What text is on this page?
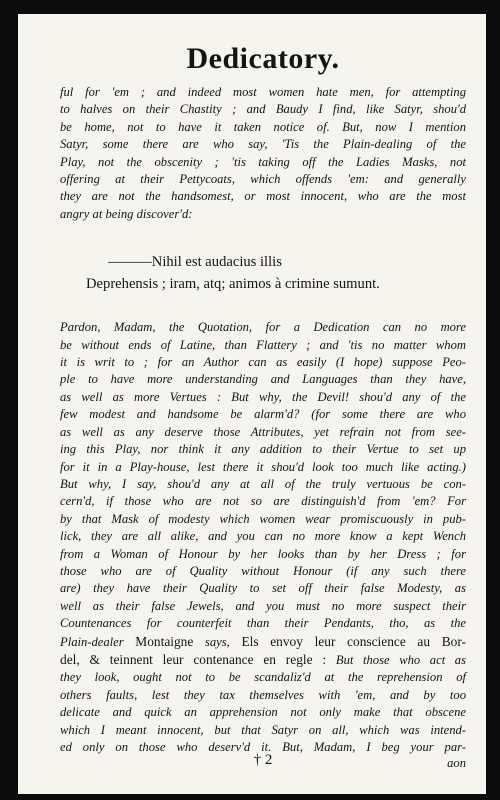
Dedicatory.

ful for 'em ; and indeed most women hate men, for attempting
to halves on their Chastity ; and Baudy I find, like Satyr, shou'd
be home, not to have it taken notice of. But, now I mention
Satyr, some there are who say, 'Tis the Plain-dealing of the
Play, not the obscenity ; 'tis taking off the Ladies Masks, not
offering at their Pettycoats, which offends 'em: and generally
they are not the handsomest, or most innocent, who are the most
angry at being discover'd:

———Nihil est audacius illis
Deprehensis ; iram, atq; animos à crimine sumunt.

Pardon, Madam, the Quotation, for a Dedication can no more
be without ends of Latine, than Flattery ; and 'tis no matter whom
it is writ to ; for an Author can as easily (I hope) suppose Peo-
ple to have more understanding and Languages than they have,
as well as more Vertues : But why, the Devil! shou'd any of the
few modest and handsome be alarm'd? (for some there are who
as well as any deserve those Attributes, yet refrain not from see-
ing this Play, nor think it any addition to their Vertue to set up
for it in a Play-house, lest there it shou'd look too much like acting.)
But why, I say, shou'd any at all of the truly vertuous be con-
cern'd, if those who are not so are distinguish'd from 'em? For
by that Mask of modesty which women wear promiscuously in pub-
lick, they are all alike, and you can no more know a kept Wench
from a Woman of Honour by her looks than by her Dress ; for
those who are of Quality without Honour (if any such there
are) they have their Quality to set off their false Modesty, as
well as their false Jewels, and you must no more suspect their
Countenances for counterfeit than their Pendants, tho, as the
Plain-dealer Montaigne says, Els envoy leur conscience au Bor-
del, & teinnent leur contenance en regle : But those who act as
they look, ought not to be scandaliz'd at the reprehension of
others faults, lest they tax themselves with 'em, and by too
delicate and quick an apprehension not only make that obscene
which I meant innocent, but that Satyr on all, which was intend-
ed only on those who deserv'd it. But, Madam, I beg your par-

† 2	aon
